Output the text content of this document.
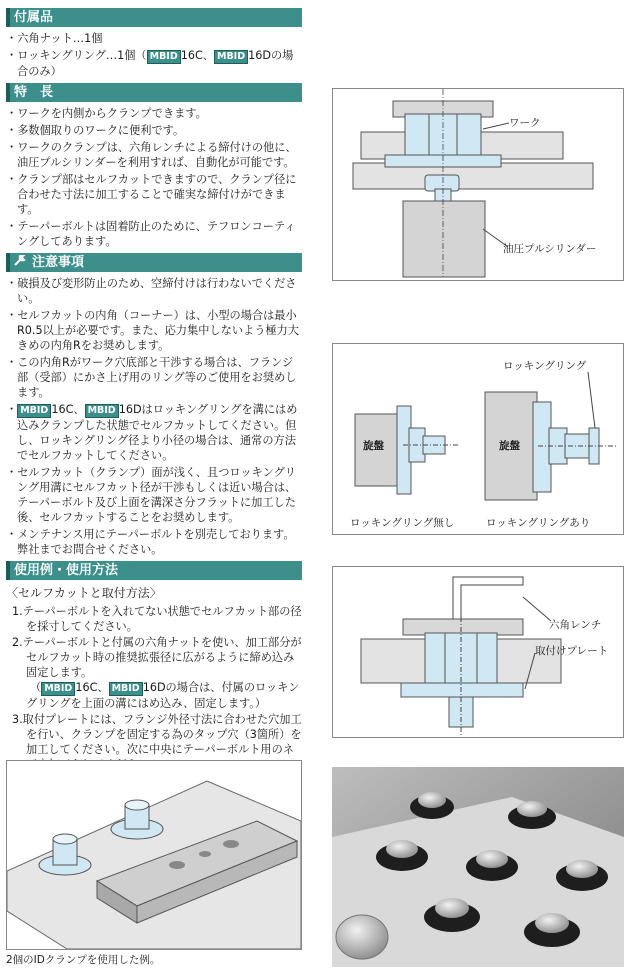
付属品
・ 六角ナット…1個
・ ロッキングリング…1個（ MBID 16C、 MBID 16Dの場合のみ）
特　長
・ ワークを内側からクランプできます。
・ 多数個取りのワークに便利です。
・ ワークのクランプは、六角レンチによる締付けの他に、油圧プルシリンダーを利用すれば、自動化が可能です。
・ クランプ部はセルフカットできますので、クランプ径に合わせた寸法に加工することで確実な締付けができます。
・ テーパーボルトは固着防止のために、テフロンコーティングしてあります。
注意事項
・ 破損及び変形防止のため、空締付けは行わないでください。
・ セルフカットの内角（コーナー）は、小型の場合は最小R0.5以上が必要です。また、応力集中しないよう極力大きめの内角Rをお奨めします。
・ この内角Rがワーク穴底部と干渉する場合は、フランジ部（受部）にかさ上げ用のリング等のご使用をお奨めします。
・ MBID 16C、 MBID 16Dはロッキングリングを溝にはめ込みクランプした状態でセルフカットしてください。但し、ロッキングリング径より小径の場合は、通常の方法でセルフカットしてください。
・ セルフカット（クランプ）面が浅く、且つロッキングリング用溝にセルフカット径が干渉もしくは近い場合は、テーパーボルト及び上面を溝深さ分フラットに加工した後、セルフカットすることをお奨めします。
・ メンテナンス用にテーパーボルトを別売しております。弊社までお問合せください。
使用例・使用方法
〈セルフカットと取付方法〉
1.テーパーボルトを入れてない状態でセルフカット部の径を採寸してください。
2.テーパーボルトと付属の六角ナットを使い、加工部分がセルフカット時の推奨拡張径に広がるように締め込み固定します。
（ MBID 16C、 MBID 16Dの場合は、付属のロッキングリングを上面の溝にはめ込み、固定します。）
3.取付プレートには、フランジ外径寸法に合わせた穴加工を行い、クランプを固定する為のタップ穴（3箇所）を加工してください。次に中央にテーパーボルト用のネ
ワーク
油圧プルシリンダー
ロッキングリング
旋盤	旋盤
ロッキングリング無し	ロッキングリングあり
六角レンチ
取付けプレート
2個のIDクランプを使用した例。
